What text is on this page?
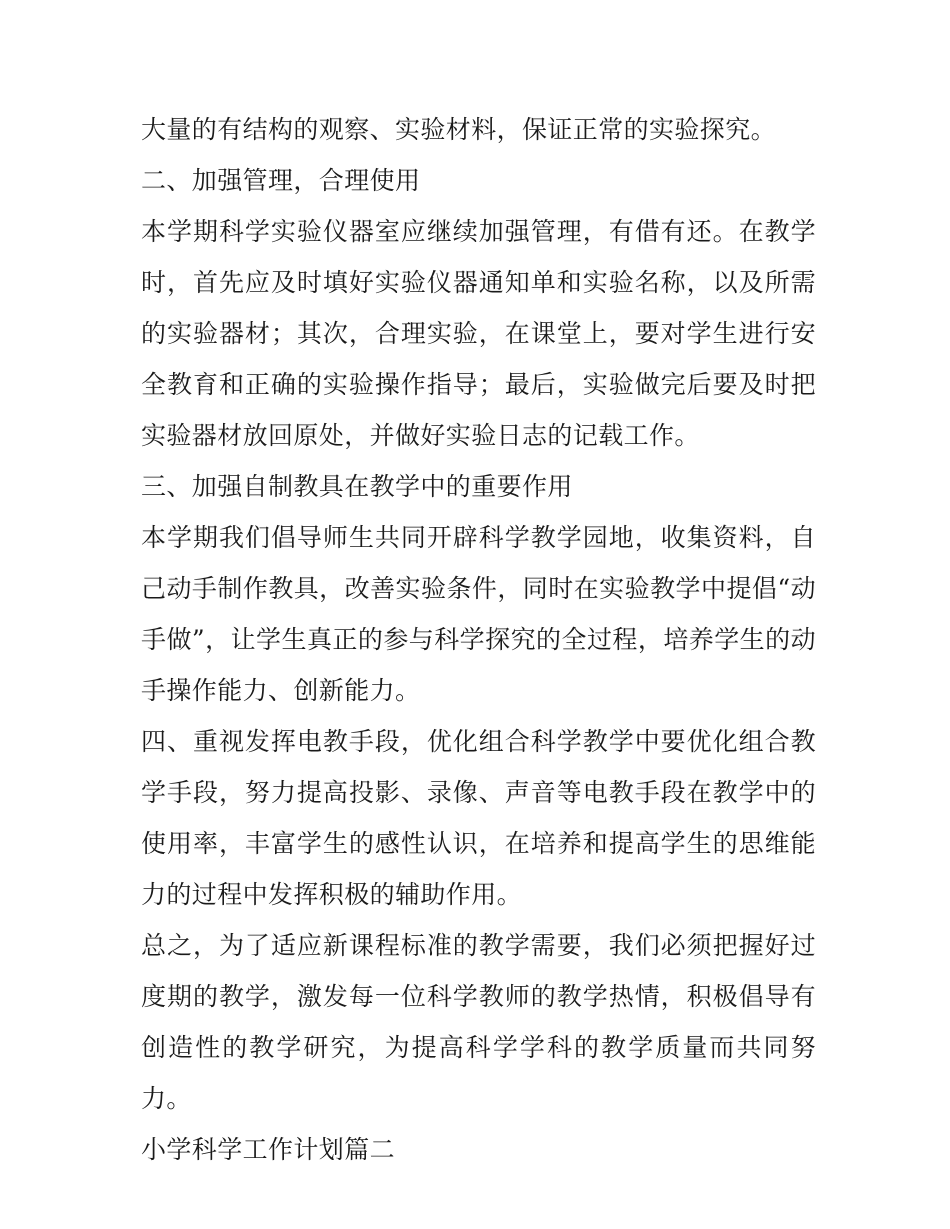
大量的有结构的观察、实验材料，保证正常的实验探究。

二、加强管理，合理使用

本学期科学实验仪器室应继续加强管理，有借有还。在教学时，首先应及时填好实验仪器通知单和实验名称，以及所需的实验器材；其次，合理实验，在课堂上，要对学生进行安全教育和正确的实验操作指导；最后，实验做完后要及时把实验器材放回原处，并做好实验日志的记载工作。

三、加强自制教具在教学中的重要作用

本学期我们倡导师生共同开辟科学教学园地，收集资料，自己动手制作教具，改善实验条件，同时在实验教学中提倡“动手做”，让学生真正的参与科学探究的全过程，培养学生的动手操作能力、创新能力。

四、重视发挥电教手段，优化组合科学教学中要优化组合教学手段，努力提高投影、录像、声音等电教手段在教学中的使用率，丰富学生的感性认识，在培养和提高学生的思维能力的过程中发挥积极的辅助作用。

总之，为了适应新课程标准的教学需要，我们必须把握好过度期的教学，激发每一位科学教师的教学热情，积极倡导有创造性的教学研究，为提高科学学科的教学质量而共同努力。

小学科学工作计划篇二
